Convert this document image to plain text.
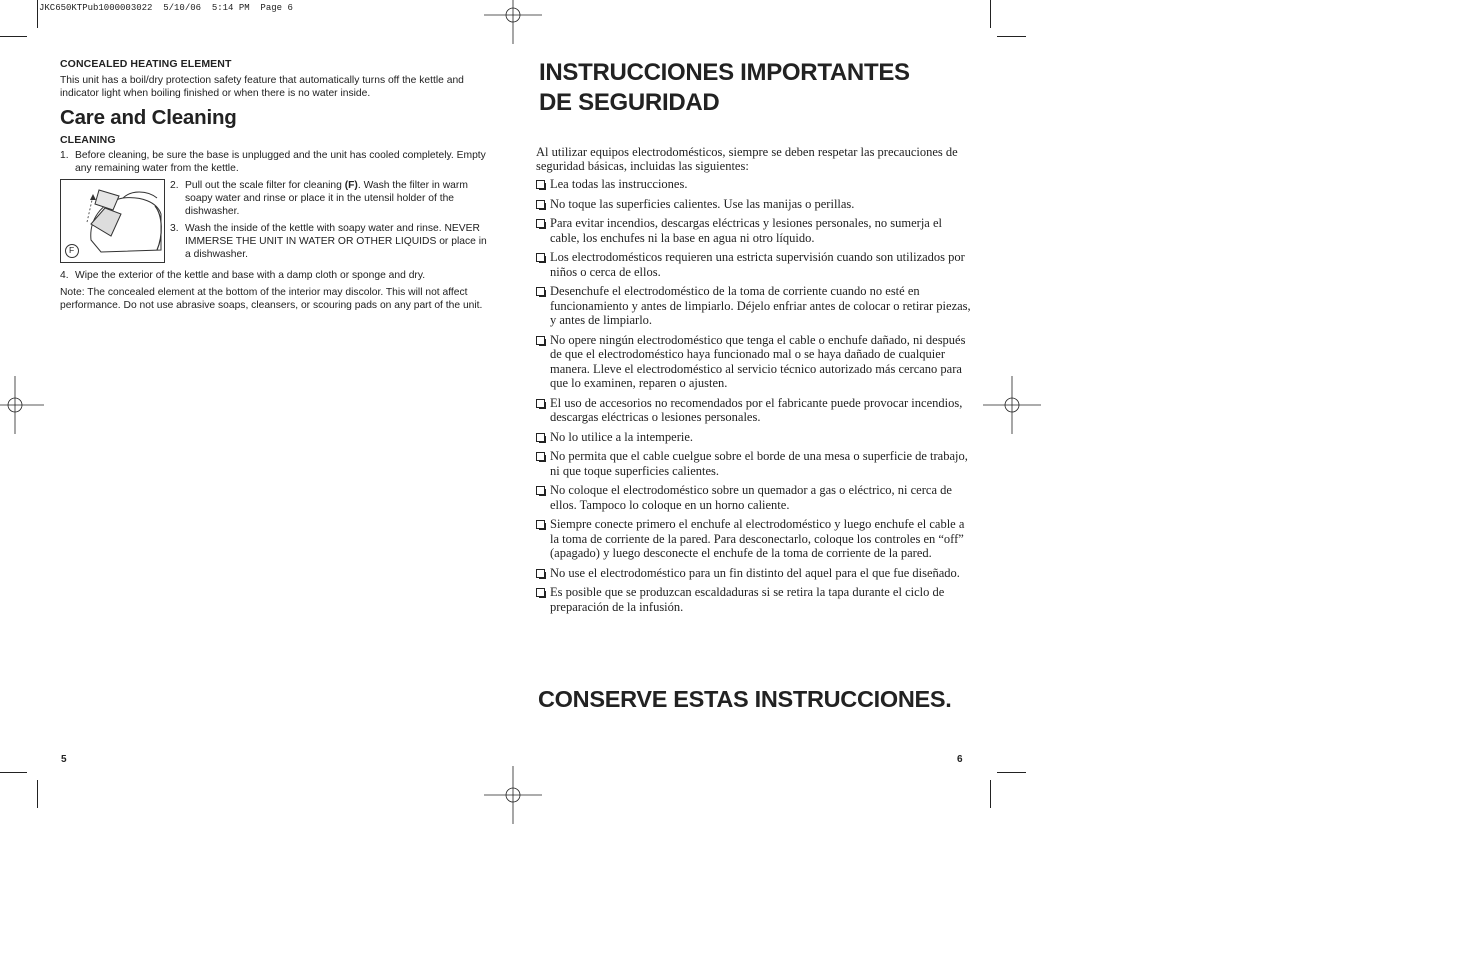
JKC650KTPub1000003022  5/10/06  5:14 PM  Page 6
CONCEALED HEATING ELEMENT

This unit has a boil/dry protection safety feature that automatically turns off the kettle and indicator light when boiling finished or when there is no water inside.

Care and Cleaning
CLEANING
1. Before cleaning, be sure the base is unplugged and the unit has cooled completely. Empty any remaining water from the kettle.
F
2. Pull out the scale filter for cleaning (F). Wash the filter in warm soapy water and rinse or place it in the utensil holder of the dishwasher.
3. Wash the inside of the kettle with soapy water and rinse. NEVER IMMERSE THE UNIT IN WATER OR OTHER LIQUIDS or place in a dishwasher.
4. Wipe the exterior of the kettle and base with a damp cloth or sponge and dry.

Note: The concealed element at the bottom of the interior may discolor. This will not affect performance. Do not use abrasive soaps, cleansers, or scouring pads on any part of the unit.

5
INSTRUCCIONES IMPORTANTES
DE SEGURIDAD

Al utilizar equipos electrodomésticos, siempre se deben respetar las precauciones de seguridad básicas, incluidas las siguientes:

Lea todas las instrucciones.
No toque las superficies calientes. Use las manijas o perillas.
Para evitar incendios, descargas eléctricas y lesiones personales, no sumerja el cable, los enchufes ni la base en agua ni otro líquido.
Los electrodomésticos requieren una estricta supervisión cuando son utilizados por niños o cerca de ellos.
Desenchufe el electrodoméstico de la toma de corriente cuando no esté en funcionamiento y antes de limpiarlo. Déjelo enfriar antes de colocar o retirar piezas, y antes de limpiarlo.
No opere ningún electrodoméstico que tenga el cable o enchufe dañado, ni después de que el electrodoméstico haya funcionado mal o se haya dañado de cualquier manera. Lleve el electrodoméstico al servicio técnico autorizado más cercano para que lo examinen, reparen o ajusten.
El uso de accesorios no recomendados por el fabricante puede provocar incendios, descargas eléctricas o lesiones personales.
No lo utilice a la intemperie.
No permita que el cable cuelgue sobre el borde de una mesa o superficie de trabajo, ni que toque superficies calientes.
No coloque el electrodoméstico sobre un quemador a gas o eléctrico, ni cerca de ellos. Tampoco lo coloque en un horno caliente.
Siempre conecte primero el enchufe al electrodoméstico y luego enchufe el cable a la toma de corriente de la pared. Para desconectarlo, coloque los controles en “off” (apagado) y luego desconecte el enchufe de la toma de corriente de la pared.
No use el electrodoméstico para un fin distinto del aquel para el que fue diseñado.
Es posible que se produzcan escaldaduras si se retira la tapa durante el ciclo de preparación de la infusión.
CONSERVE ESTAS INSTRUCCIONES.
6
